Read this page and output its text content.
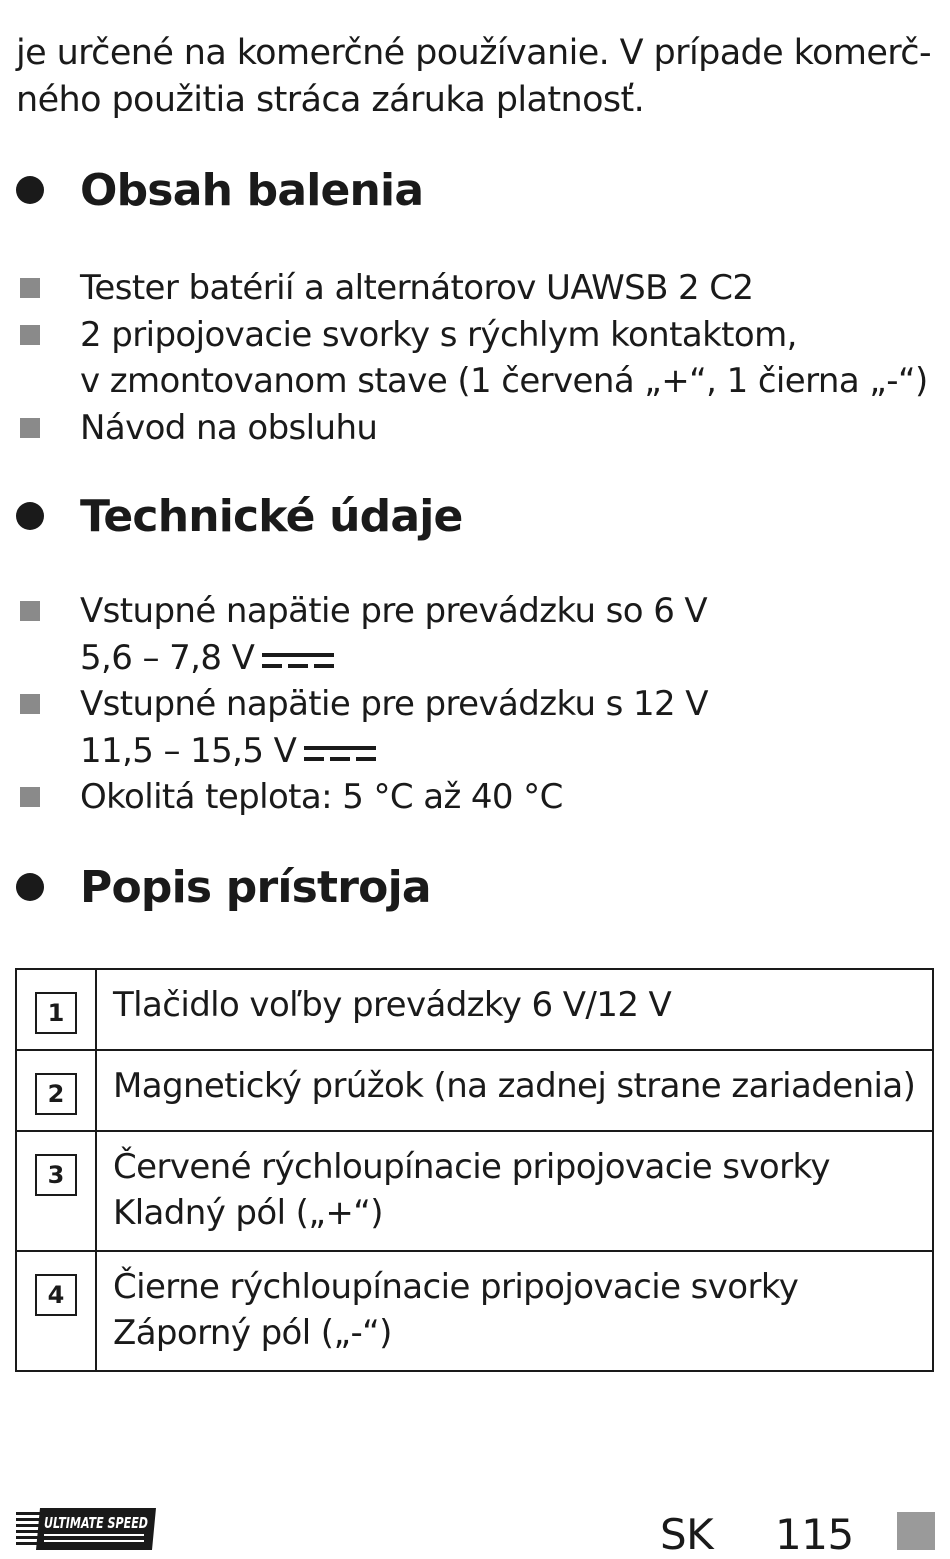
je určené na komerčné používanie. V prípade komerč-
ného použitia stráca záruka platnosť.
Obsah balenia
Tester batérií a alternátorov UAWSB 2 C2
2 pripojovacie svorky s rýchlym kontaktom,
v zmontovanom stave (1 červená „+“, 1 čierna „-“)
Návod na obsluhu
Technické údaje
Vstupné napätie pre prevádzku so 6 V
5,6 – 7,8 V
Vstupné napätie pre prevádzku s 12 V
11,5 – 15,5 V
Okolitá teplota: 5 °C až 40 °C
Popis prístroja
1	Tlačidlo voľby prevádzky 6 V/12 V

2	Magnetický prúžok (na zadnej strane zariadenia)

3	Červené rýchloupínacie pripojovacie svorky
Kladný pól („+“)

4	Čierne rýchloupínacie pripojovacie svorky
Záporný pól („-“)
ULTIMATE SPEED	SK 115
